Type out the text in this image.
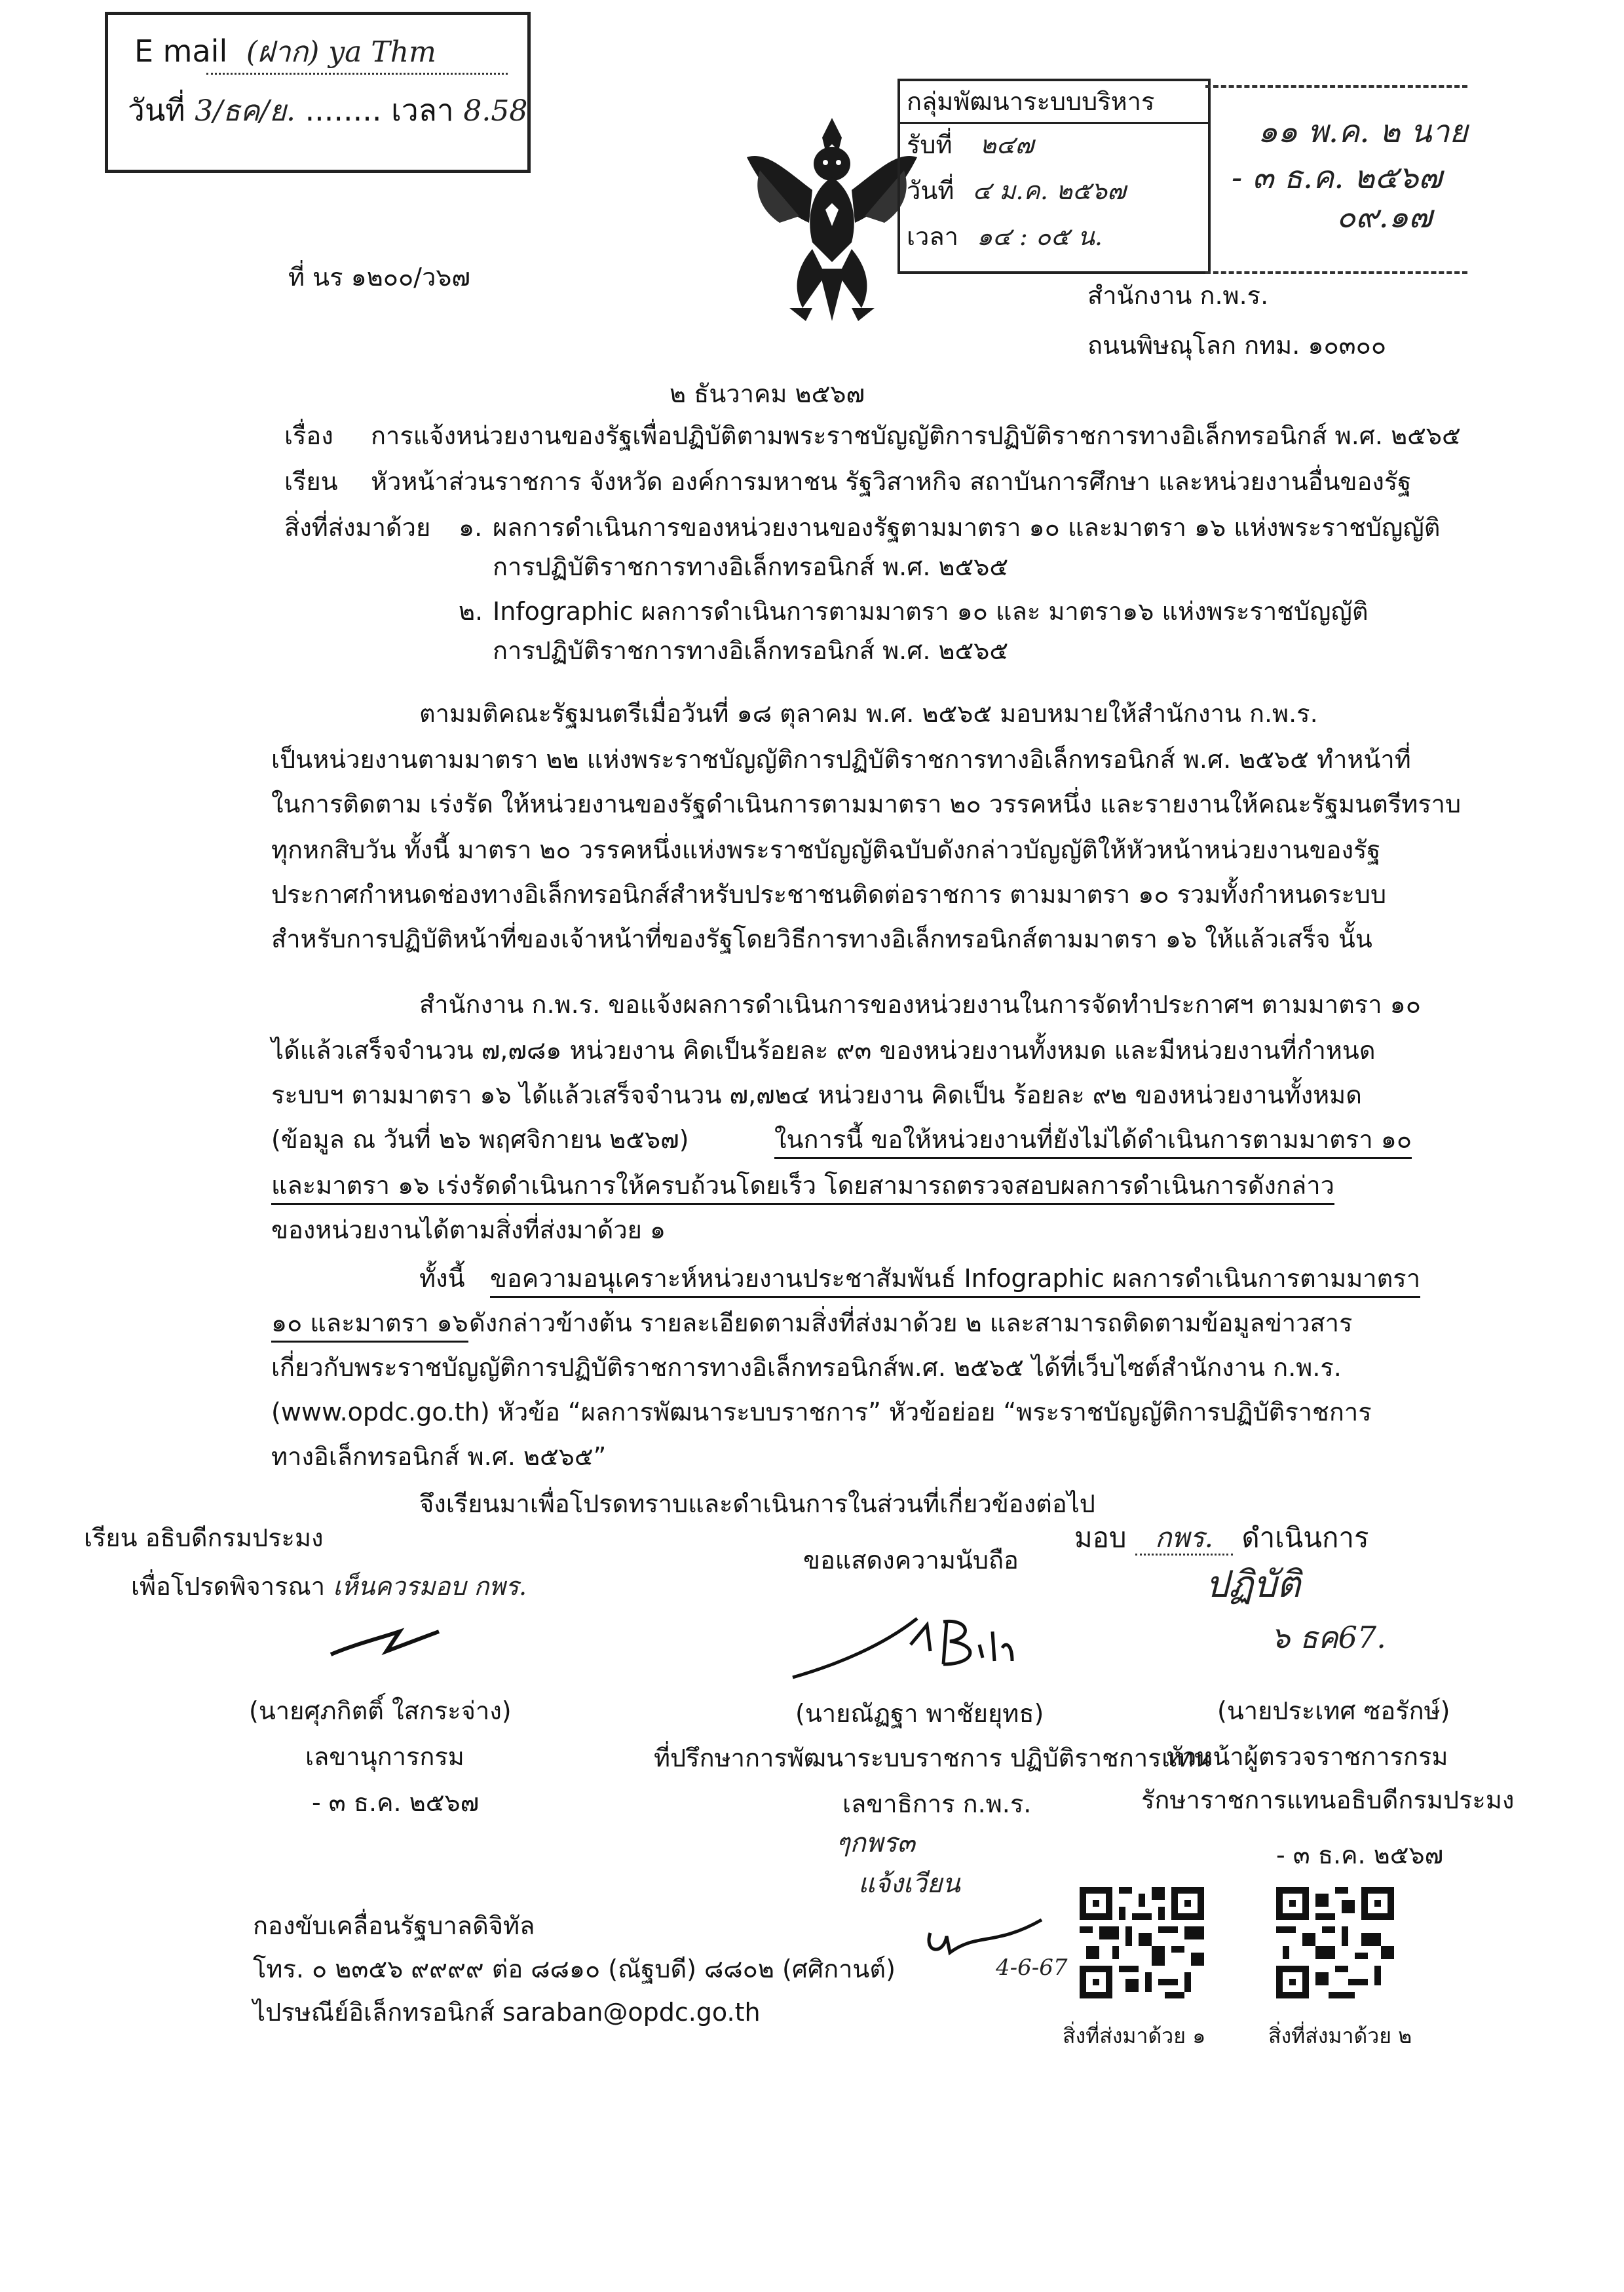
E mail (ฝาก) ya Thm
วันที่ 3/ธค/ย. ........ เวลา 8.58	กลุ่มพัฒนาระบบบริหาร
รับที่ ๒๔๗
วันที่ ๔ ม.ค. ๒๕๖๗
เวลา ๑๔ : ๐๕ น.
๑๑ พ.ค. ๒ นาย
- ๓ ธ.ค. ๒๕๖๗
๐๙.๑๗
ที่ นร ๑๒๐๐/ว๖๗
สำนักงาน ก.พ.ร.
ถนนพิษณุโลก กทม. ๑๐๓๐๐
๒ ธันวาคม ๒๕๖๗
เรื่อง การแจ้งหน่วยงานของรัฐเพื่อปฏิบัติตามพระราชบัญญัติการปฏิบัติราชการทางอิเล็กทรอนิกส์ พ.ศ. ๒๕๖๕
เรียน หัวหน้าส่วนราชการ จังหวัด องค์การมหาชน รัฐวิสาหกิจ สถาบันการศึกษา และหน่วยงานอื่นของรัฐ
สิ่งที่ส่งมาด้วย ๑. ผลการดำเนินการของหน่วยงานของรัฐตามมาตรา ๑๐ และมาตรา ๑๖ แห่งพระราชบัญญัติ
การปฏิบัติราชการทางอิเล็กทรอนิกส์ พ.ศ. ๒๕๖๕
๒. Infographic ผลการดำเนินการตามมาตรา ๑๐ และ มาตรา๑๖ แห่งพระราชบัญญัติ
การปฏิบัติราชการทางอิเล็กทรอนิกส์ พ.ศ. ๒๕๖๕
ตามมติคณะรัฐมนตรีเมื่อวันที่ ๑๘ ตุลาคม พ.ศ. ๒๕๖๕ มอบหมายให้สำนักงาน ก.พ.ร.
เป็นหน่วยงานตามมาตรา ๒๒ แห่งพระราชบัญญัติการปฏิบัติราชการทางอิเล็กทรอนิกส์ พ.ศ. ๒๕๖๕ ทำหน้าที่
ในการติดตาม เร่งรัด ให้หน่วยงานของรัฐดำเนินการตามมาตรา ๒๐ วรรคหนึ่ง และรายงานให้คณะรัฐมนตรีทราบ
ทุกหกสิบวัน ทั้งนี้ มาตรา ๒๐ วรรคหนึ่งแห่งพระราชบัญญัติฉบับดังกล่าวบัญญัติให้หัวหน้าหน่วยงานของรัฐ
ประกาศกำหนดช่องทางอิเล็กทรอนิกส์สำหรับประชาชนติดต่อราชการ ตามมาตรา ๑๐ รวมทั้งกำหนดระบบ
สำหรับการปฏิบัติหน้าที่ของเจ้าหน้าที่ของรัฐโดยวิธีการทางอิเล็กทรอนิกส์ตามมาตรา ๑๖ ให้แล้วเสร็จ นั้น
สำนักงาน ก.พ.ร. ขอแจ้งผลการดำเนินการของหน่วยงานในการจัดทำประกาศฯ ตามมาตรา ๑๐
ได้แล้วเสร็จจำนวน ๗,๗๘๑ หน่วยงาน คิดเป็นร้อยละ ๙๓ ของหน่วยงานทั้งหมด และมีหน่วยงานที่กำหนด
ระบบฯ ตามมาตรา ๑๖ ได้แล้วเสร็จจำนวน ๗,๗๒๔ หน่วยงาน คิดเป็น ร้อยละ ๙๒ ของหน่วยงานทั้งหมด
(ข้อมูล ณ วันที่ ๒๖ พฤศจิกายน ๒๕๖๗)	ในการนี้ ขอให้หน่วยงานที่ยังไม่ได้ดำเนินการตามมาตรา ๑๐
และมาตรา ๑๖ เร่งรัดดำเนินการให้ครบถ้วนโดยเร็ว โดยสามารถตรวจสอบผลการดำเนินการดังกล่าว
ของหน่วยงานได้ตามสิ่งที่ส่งมาด้วย ๑
ทั้งนี้ ขอความอนุเคราะห์หน่วยงานประชาสัมพันธ์ Infographic ผลการดำเนินการตามมาตรา
๑๐ และมาตรา ๑๖ ดังกล่าวข้างต้น รายละเอียดตามสิ่งที่ส่งมาด้วย ๒ และสามารถติดตามข้อมูลข่าวสาร
เกี่ยวกับพระราชบัญญัติการปฏิบัติราชการทางอิเล็กทรอนิกส์พ.ศ. ๒๕๖๕ ได้ที่เว็บไซต์สำนักงาน ก.พ.ร.
(www.opdc.go.th) หัวข้อ “ผลการพัฒนาระบบราชการ” หัวข้อย่อย “พระราชบัญญัติการปฏิบัติราชการ
ทางอิเล็กทรอนิกส์ พ.ศ. ๒๕๖๕”
จึงเรียนมาเพื่อโปรดทราบและดำเนินการในส่วนที่เกี่ยวข้องต่อไป
เรียน อธิบดีกรมประมง
เพื่อโปรดพิจารณา เห็นควรมอบ กพร.
(นายศุภกิตติ์ ใสกระจ่าง)
เลขานุการกรม
- ๓ ธ.ค. ๒๕๖๗
ขอแสดงความนับถือ
(นายณัฏฐา พาชัยยุทธ)
ที่ปรึกษาการพัฒนาระบบราชการ ปฏิบัติราชการแทน
เลขาธิการ ก.พ.ร.
ๆกพร๓
แจ้งเวียน
4-6-67
มอบ กพร. ดำเนินการ
ปฏิบัติ
๖ ธค67.
(นายประเทศ ซอรักษ์)
หัวหน้าผู้ตรวจราชการกรม
รักษาราชการแทนอธิบดีกรมประมง
- ๓ ธ.ค. ๒๕๖๗
กองขับเคลื่อนรัฐบาลดิจิทัล
โทร. ๐ ๒๓๕๖ ๙๙๙๙ ต่อ ๘๘๑๐ (ณัฐบดี) ๘๘๐๒ (ศศิกานต์)
ไปรษณีย์อิเล็กทรอนิกส์ saraban@opdc.go.th
สิ่งที่ส่งมาด้วย ๑	สิ่งที่ส่งมาด้วย ๒
